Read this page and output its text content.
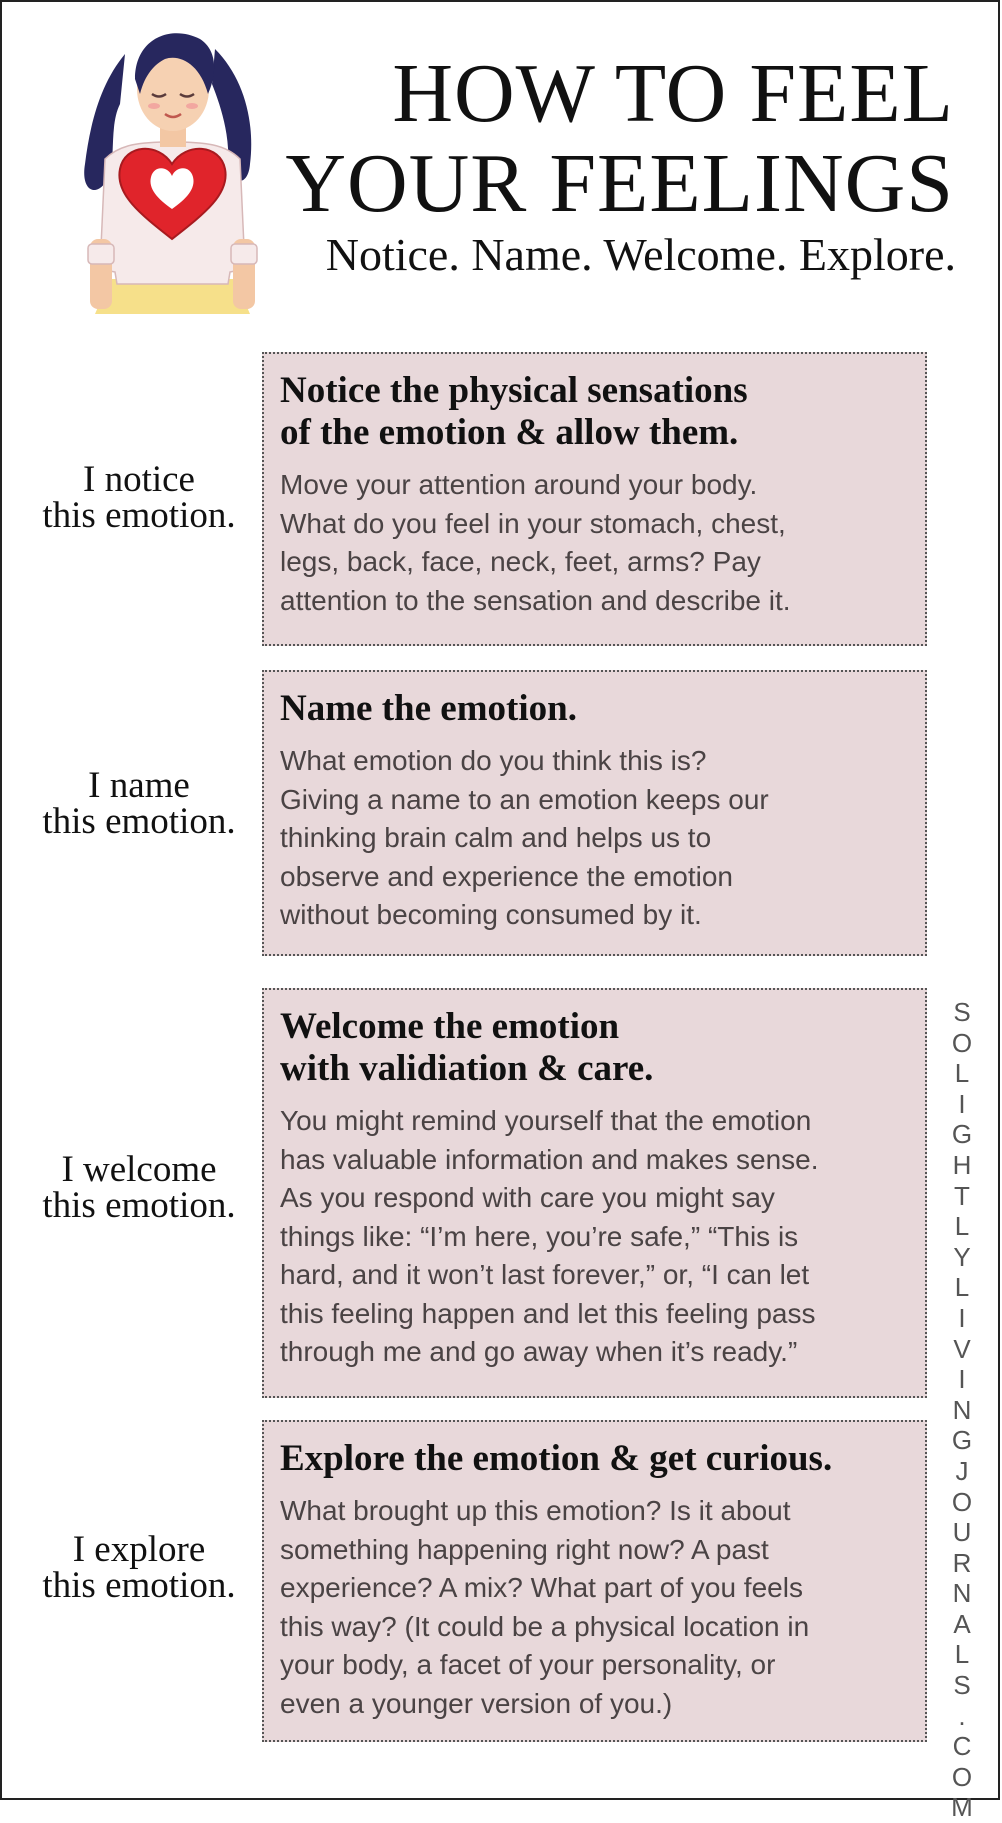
HOW TO FEEL
YOUR FEELINGS
Notice. Name. Welcome. Explore.
I notice
this emotion.
Notice the physical sensations
of the emotion & allow them.
Move your attention around your body.
What do you feel in your stomach, chest,
legs, back, face, neck, feet, arms? Pay
attention to the sensation and describe it.
I name
this emotion.
Name the emotion.
What emotion do you think this is?
Giving a name to an emotion keeps our
thinking brain calm and helps us to
observe and experience the emotion
without becoming consumed by it.
I welcome
this emotion.
Welcome the emotion
with validiation & care.
You might remind yourself that the emotion
has valuable information and makes sense.
As you respond with care you might say
things like: “I’m here, you’re safe,” “This is
hard, and it won’t last forever,” or, “I can let
this feeling happen and let this feeling pass
through me and go away when it’s ready.”
I explore
this emotion.
Explore the emotion & get curious.
What brought up this emotion? Is it about
something happening right now? A past
experience? A mix? What part of you feels
this way? (It could be a physical location in
your body, a facet of your personality, or
even a younger version of you.)
S
O
L
I
G
H
T
L
Y
L
I
V
I
N
G
J
O
U
R
N
A
L
S
.
C
O
M
